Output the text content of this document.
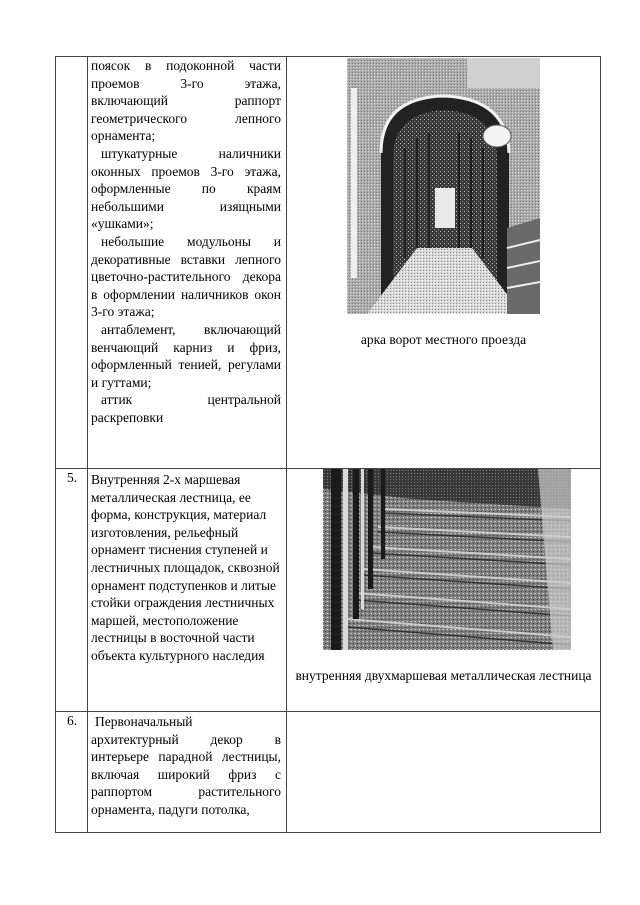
поясок в подоконной части проемов 3-го этажа, включающий раппорт геометрического лепного орнамента;

штукатурные наличники оконных проемов 3-го этажа, оформленные по краям небольшими изящными «ушками»;

небольшие модульоны и декоративные вставки лепного цветочно-растительного декора в оформлении наличников окон 3-го этажа;

антаблемент, включающий венчающий карниз и фриз, оформленный тенией, регулами и гуттами;

аттик центральной раскреповки

арка ворот местного проезда
5. Внутренняя 2-х маршевая металлическая лестница, ее форма, конструкция, материал изготовления, рельефный орнамент тиснения ступеней и лестничных площадок, сквозной орнамент подступенков и литые стойки ограждения лестничных маршей, местоположение лестницы в восточной части объекта культурного наследия

внутренняя двухмаршевая металлическая лестница
6. Первоначальный архитектурный декор в интерьере парадной лестницы, включая широкий фриз с раппортом растительного орнамента, падуги потолка,
